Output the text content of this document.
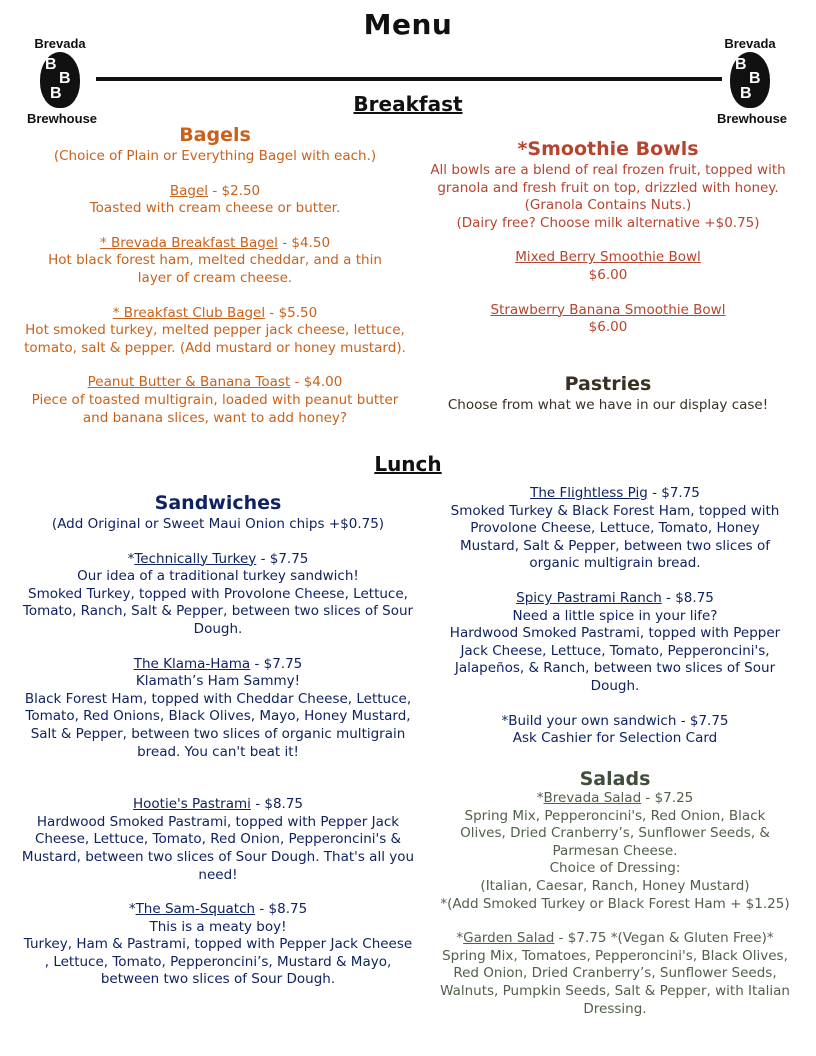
Menu
Brevada
B
B
B
Brewhouse
Brevada
B
B
B
Brewhouse
Breakfast
Bagels

(Choice of Plain or Everything Bagel with each.)

Bagel - $2.50

Toasted with cream cheese or butter.

* Brevada Breakfast Bagel - $4.50

Hot black forest ham, melted cheddar, and a thin layer of cream cheese.

* Breakfast Club Bagel - $5.50

Hot smoked turkey, melted pepper jack cheese, lettuce, tomato, salt & pepper. (Add mustard or honey mustard).

Peanut Butter & Banana Toast - $4.00

Piece of toasted multigrain, loaded with peanut butter and banana slices, want to add honey?

*Smoothie Bowls

All bowls are a blend of real frozen fruit, topped with granola and fresh fruit on top, drizzled with honey. (Granola Contains Nuts.)

(Dairy free? Choose milk alternative +$0.75)

Mixed Berry Smoothie Bowl

$6.00

Strawberry Banana Smoothie Bowl

$6.00

Pastries

Choose from what we have in our display case!

Lunch
Sandwiches

(Add Original or Sweet Maui Onion chips +$0.75)

*Technically Turkey - $7.75

Our idea of a traditional turkey sandwich!

Smoked Turkey, topped with Provolone Cheese, Lettuce, Tomato, Ranch, Salt & Pepper, between two slices of Sour Dough.

The Klama-Hama - $7.75

Klamath’s Ham Sammy!

Black Forest Ham, topped with Cheddar Cheese, Lettuce, Tomato, Red Onions, Black Olives, Mayo, Honey Mustard, Salt & Pepper, between two slices of organic multigrain bread. You can't beat it!

Hootie's Pastrami - $8.75

Hardwood Smoked Pastrami, topped with Pepper Jack Cheese, Lettuce, Tomato, Red Onion, Pepperoncini's & Mustard, between two slices of Sour Dough. That's all you need!

*The Sam-Squatch - $8.75

This is a meaty boy!

Turkey, Ham & Pastrami, topped with Pepper Jack Cheese , Lettuce, Tomato, Pepperoncini’s, Mustard & Mayo, between two slices of Sour Dough.

The Flightless Pig - $7.75

Smoked Turkey & Black Forest Ham, topped with Provolone Cheese, Lettuce, Tomato, Honey Mustard, Salt & Pepper, between two slices of organic multigrain bread.

Spicy Pastrami Ranch - $8.75

Need a little spice in your life?

Hardwood Smoked Pastrami, topped with Pepper Jack Cheese, Lettuce, Tomato, Pepperoncini's, Jalapeños, & Ranch, between two slices of Sour Dough.

*Build your own sandwich - $7.75

Ask Cashier for Selection Card

Salads

*Brevada Salad - $7.25

Spring Mix, Pepperoncini's, Red Onion, Black Olives, Dried Cranberry’s, Sunflower Seeds, & Parmesan Cheese.

Choice of Dressing:

(Italian, Caesar, Ranch, Honey Mustard)

*(Add Smoked Turkey or Black Forest Ham + $1.25)

*Garden Salad - $7.75 *(Vegan & Gluten Free)*

Spring Mix, Tomatoes, Pepperoncini's, Black Olives, Red Onion, Dried Cranberry’s, Sunflower Seeds, Walnuts, Pumpkin Seeds, Salt & Pepper, with Italian Dressing.
